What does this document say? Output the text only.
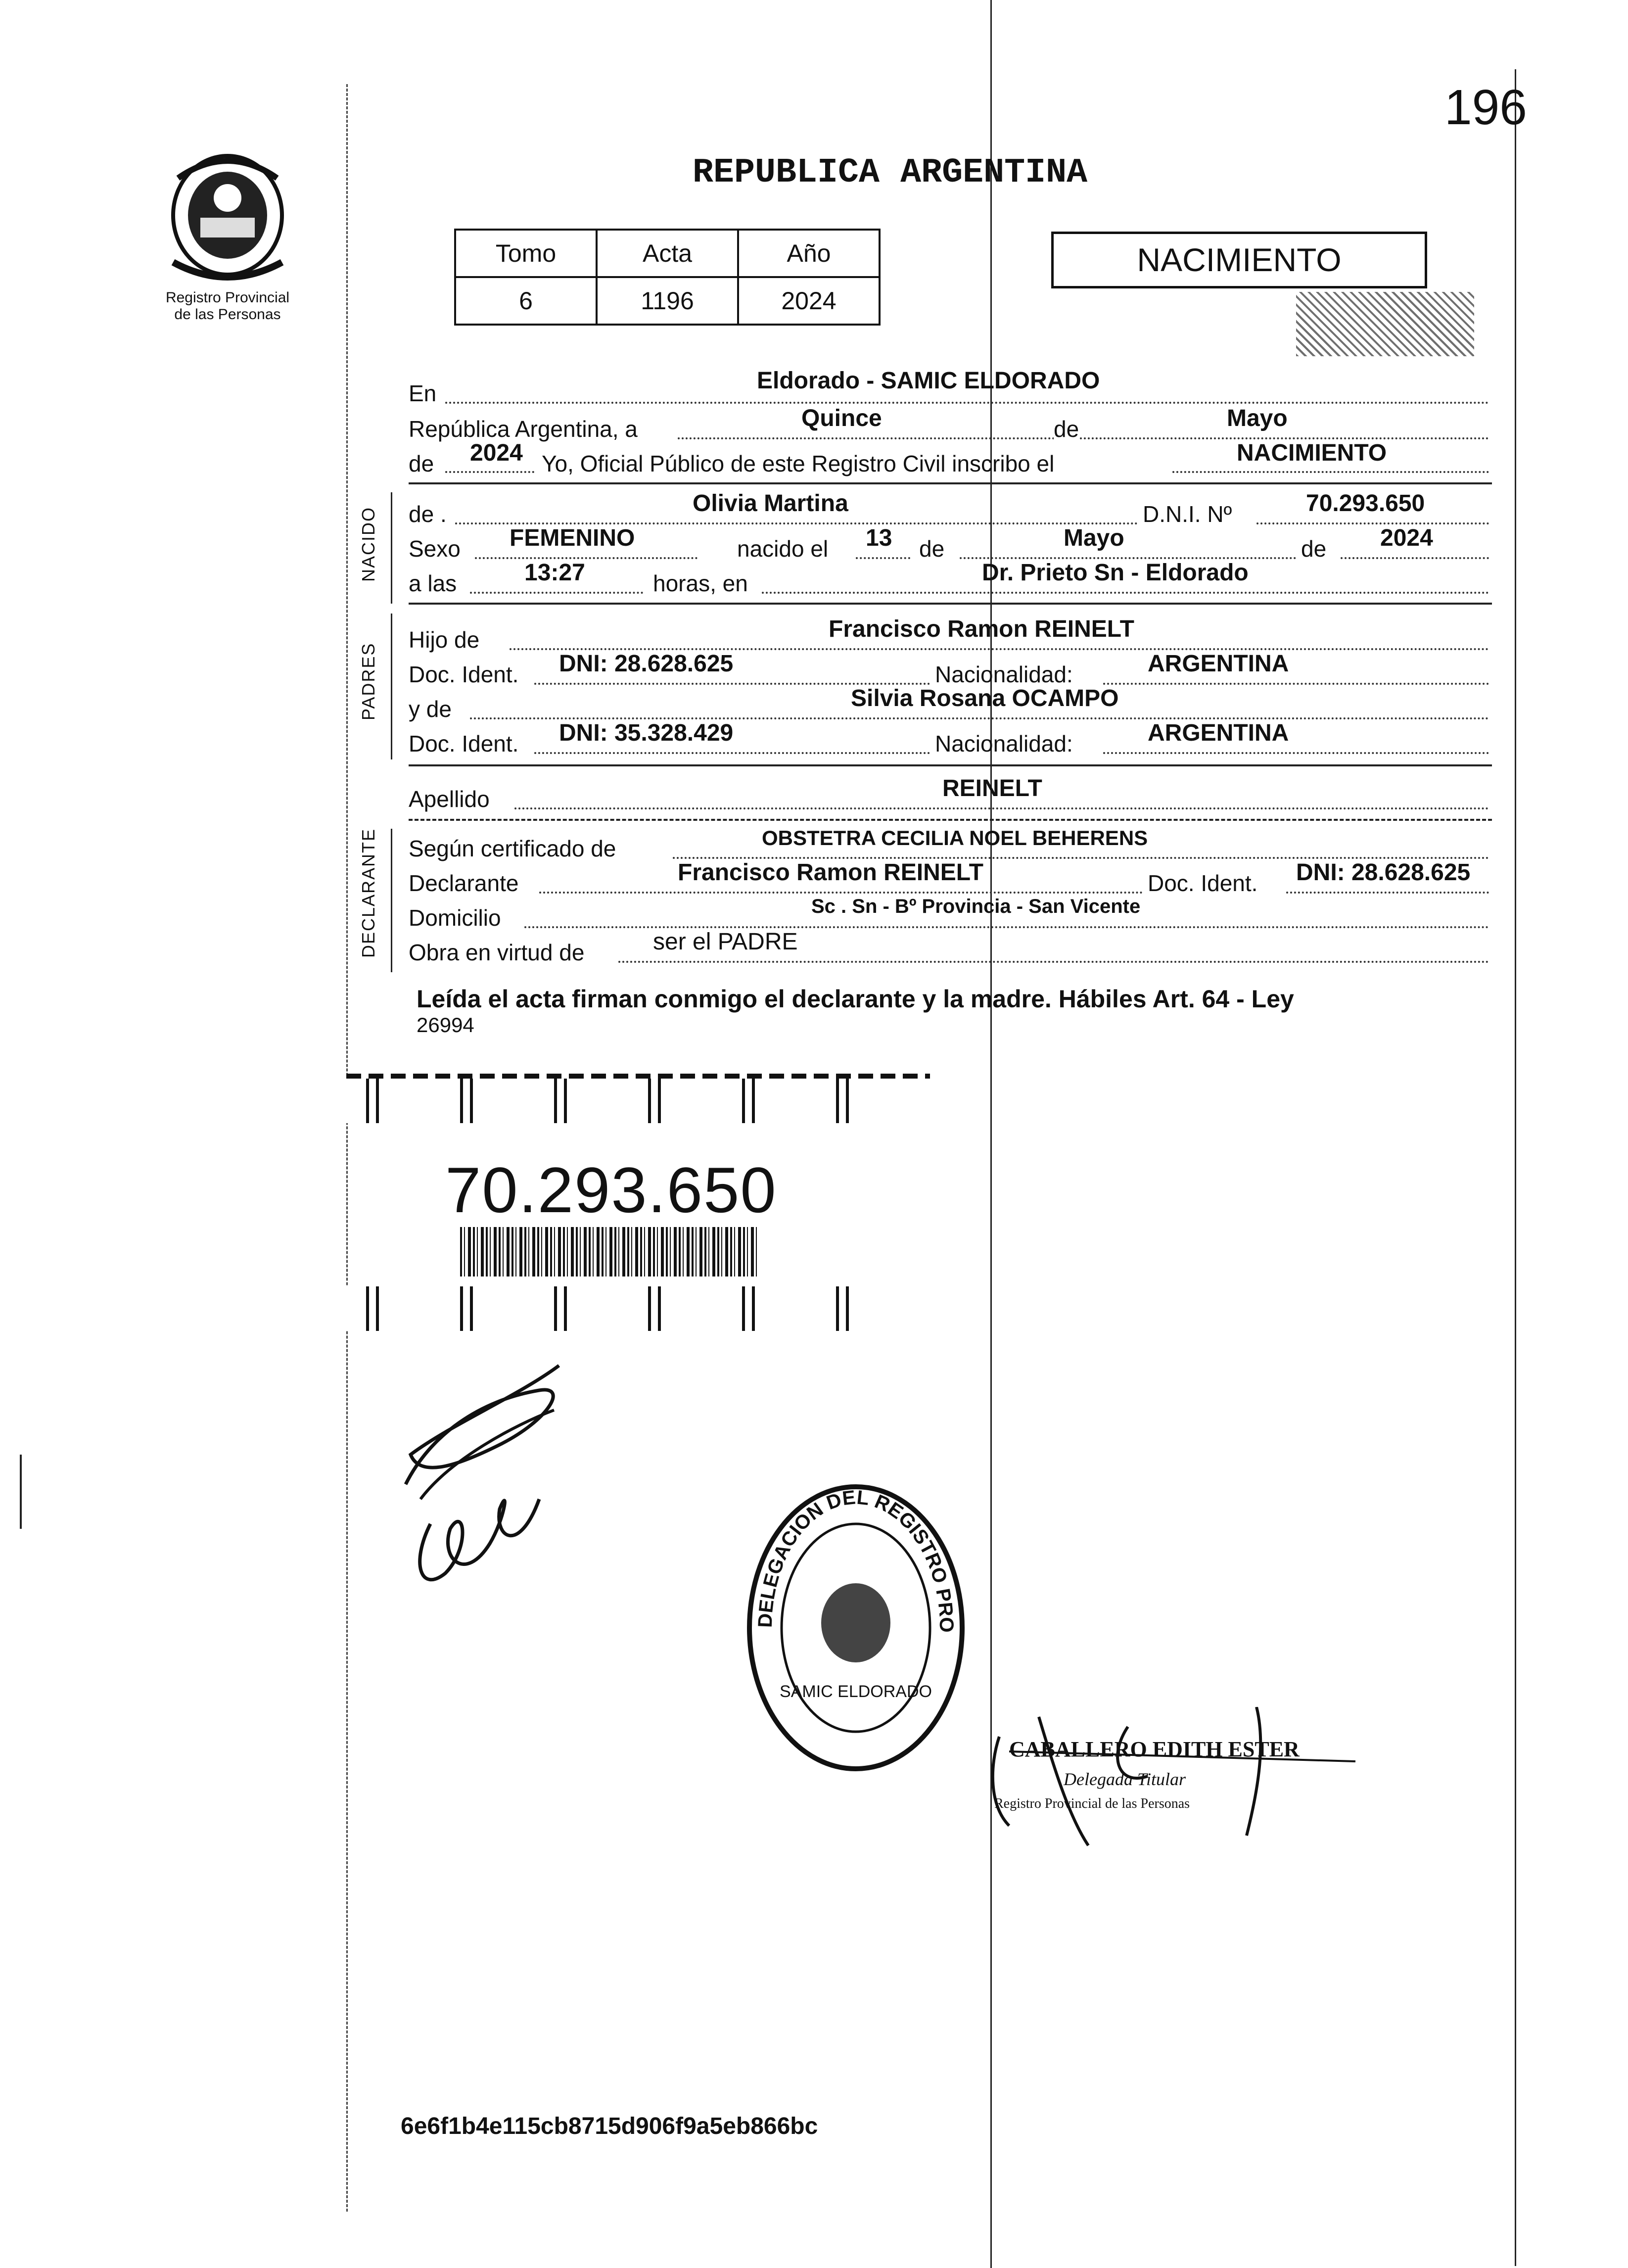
196
Registro Provincial
de las Personas
REPUBLICA ARGENTINA
Tomo	Acta	Año
6	1196	2024
NACIMIENTO
En	Eldorado - SAMIC ELDORADO
República Argentina, a	Quince	de	Mayo
de 2024 Yo, Oficial Público de este Registro Civil inscribo el	NACIMIENTO
NACIDO de .	Olivia Martina	D.N.I. Nº	70.293.650
Sexo FEMENINO	nacido el 13 de	Mayo	de 2024
a las	13:27	horas, en	Dr. Prieto Sn - Eldorado
PADRES
Hijo de	Francisco Ramon REINELT
Doc. Ident. DNI: 28.628.625	Nacionalidad:	ARGENTINA
y de	Silvia Rosana OCAMPO
Doc. Ident. DNI: 35.328.429	Nacionalidad:	ARGENTINA
Apellido	REINELT
DECLARANTE Según certificado de	OBSTETRA CECILIA NOEL BEHERENS
Declarante	Francisco Ramon REINELT	Doc. Ident. DNI: 28.628.625
Domicilio	Sc . Sn - Bº Provincia - San Vicente
Obra en virtud de	ser el PADRE
Leída el acta firman conmigo el declarante y la madre. Hábiles Art. 64 - Ley
26994
70.293.650
DELEGACION DEL REGISTRO PRO
SAMIC ELDORADO
CABALLERO EDITH ESTER
Delegada Titular
Registro Provincial de las Personas
6e6f1b4e115cb8715d906f9a5eb866bc
